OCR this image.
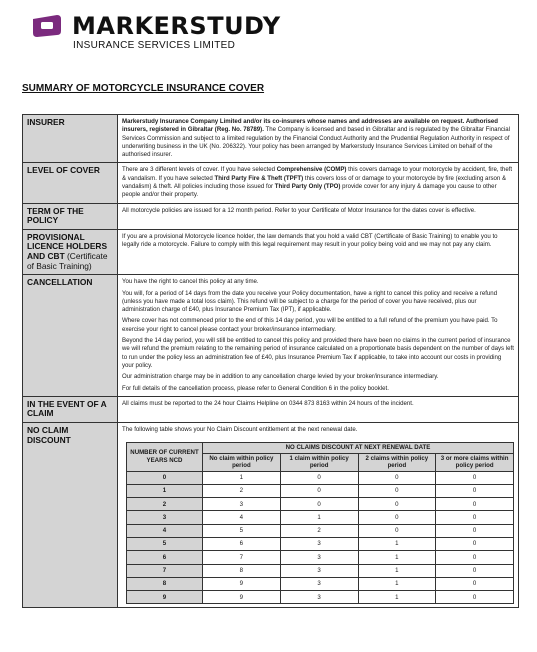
MARKERSTUDY
INSURANCE SERVICES LIMITED
SUMMARY OF MOTORCYCLE INSURANCE COVER
INSURER	Markerstudy Insurance Company Limited and/or its co-insurers whose names and addresses are available on request. Authorised insurers, registered in Gibraltar (Reg. No. 78789). The Company is licensed and based in Gibraltar and is regulated by the Gibraltar Financial Services Commission and subject to a limited regulation by the Financial Conduct Authority and the Prudential Regulation Authority in respect of underwriting business in the UK (No. 206322). Your policy has been arranged by Markerstudy Insurance Services Limited on behalf of the authorised insurer.
LEVEL OF COVER	There are 3 different levels of cover. If you have selected Comprehensive (COMP) this covers damage to your motorcycle by accident, fire, theft & vandalism. If you have selected Third Party Fire & Theft (TPFT) this covers loss of or damage to your motorcycle by fire (excluding arson & vandalism) & theft. All policies including those issued for Third Party Only (TPO) provide cover for any injury & damage you cause to other people and/or their property.
TERM OF THE POLICY	All motorcycle policies are issued for a 12 month period. Refer to your Certificate of Motor Insurance for the dates cover is effective.
PROVISIONAL LICENCE HOLDERS AND CBT (Certificate of Basic Training)	If you are a provisional Motorcycle licence holder, the law demands that you hold a valid CBT (Certificate of Basic Training) to enable you to legally ride a motorcycle. Failure to comply with this legal requirement may result in your policy being void and we may not pay any claim.
CANCELLATION	You have the right to cancel this policy at any time.

You will, for a period of 14 days from the date you receive your Policy documentation, have a right to cancel this policy and receive a refund (unless you have made a total loss claim). This refund will be subject to a charge for the period of cover you have received, plus our administration charge of £40, plus Insurance Premium Tax (IPT), if applicable.

Where cover has not commenced prior to the end of this 14 day period, you will be entitled to a full refund of the premium you have paid. To exercise your right to cancel please contact your broker/insurance intermediary.

Beyond the 14 day period, you will still be entitled to cancel this policy and provided there have been no claims in the current period of insurance we will refund the premium relating to the remaining period of insurance calculated on a proportionate basis dependent on the number of days left to run under the policy less an administration fee of £40, plus Insurance Premium Tax if applicable, to take into account our costs in providing your policy.

Our administration charge may be in addition to any cancellation charge levied by your broker/insurance intermediary.

For full details of the cancellation process, please refer to General Condition 6 in the policy booklet.

IN THE EVENT OF A CLAIM	All claims must be reported to the 24 hour Claims Helpline on 0344 873 8163 within 24 hours of the incident.
NO CLAIM DISCOUNT	
The following table shows your No Claim Discount entitlement at the next renewal date.
NUMBER OF CURRENT YEARS NCD	NO CLAIMS DISCOUNT AT NEXT RENEWAL DATE
No claim within policy period	1 claim within policy period	2 claims within policy period	3 or more claims within policy period
0	1	0	0	0
1	2	0	0	0
2	3	0	0	0
3	4	1	0	0
4	5	2	0	0
5	6	3	1	0
6	7	3	1	0
7	8	3	1	0
8	9	3	1	0
9	9	3	1	0
